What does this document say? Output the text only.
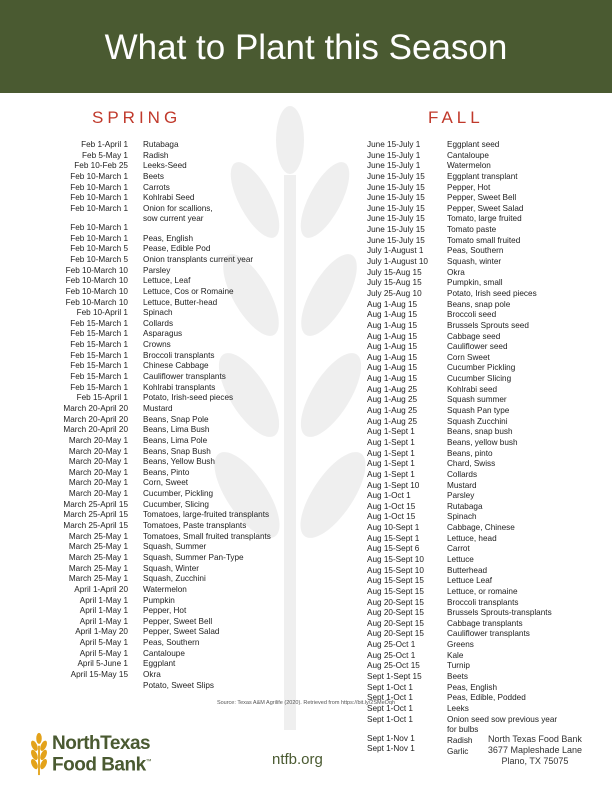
What to Plant this Season
SPRING	FALL
Feb 1-April 1
Feb 5-May 1
Feb 10-Feb 25
Feb 10-March 1
Feb 10-March 1
Feb 10-March 1
Feb 10-March 1
Feb 10-March 1
Feb 10-March 1
Feb 10-March 5
Feb 10-March 5
Feb 10-March 10
Feb 10-March 10
Feb 10-March 10
Feb 10-March 10
Feb 10-April 1
Feb 15-March 1
Feb 15-March 1
Feb 15-March 1
Feb 15-March 1
Feb 15-March 1
Feb 15-March 1
Feb 15-March 1
Feb 15-April 1
March 20-April 20
March 20-April 20
March 20-April 20
March 20-May 1
March 20-May 1
March 20-May 1
March 20-May 1
March 20-May 1
March 20-May 1
March 25-April 15
March 25-April 15
March 25-April 15
March 25-May 1
March 25-May 1
March 25-May 1
March 25-May 1
March 25-May 1
April 1-April 20
April 1-May 1
April 1-May 1
April 1-May 1
April 1-May 20
April 5-May 1
April 5-May 1
April 5-June 1
April 15-May 15
Rutabaga
Radish
Leeks-Seed
Beets
Carrots
Kohlrabi Seed
Onion for scallions,
sow current year
Peas, English
Pease, Edible Pod
Onion transplants current year
Parsley
Lettuce, Leaf
Lettuce, Cos or Romaine
Lettuce, Butter-head
Spinach
Collards
Asparagus
Crowns
Broccoli transplants
Chinese Cabbage
Cauliflower transplants
Kohlrabi transplants
Potato, Irish-seed pieces
Mustard
Beans, Snap Pole
Beans, Lima Bush
Beans, Lima Pole
Beans, Snap Bush
Beans, Yellow Bush
Beans, Pinto
Corn, Sweet
Cucumber, Pickling
Cucumber, Slicing
Tomatoes, large-fruited transplants
Tomatoes, Paste transplants
Tomatoes, Small fruited transplants
Squash, Summer
Squash, Summer Pan-Type
Squash, Winter
Squash, Zucchini
Watermelon
Pumpkin
Pepper, Hot
Pepper, Sweet Bell
Pepper, Sweet Salad
Peas, Southern
Cantaloupe
Eggplant
Okra
Potato, Sweet Slips
June 15-July 1
June 15-July 1
June 15-July 1
June 15-July 15
June 15-July 15
June 15-July 15
June 15-July 15
June 15-July 15
June 15-July 15
June 15-July 15
July 1-August 1
July 1-August 10
July 15-Aug 15
July 15-Aug 15
July 25-Aug 10
Aug 1-Aug 15
Aug 1-Aug 15
Aug 1-Aug 15
Aug 1-Aug 15
Aug 1-Aug 15
Aug 1-Aug 15
Aug 1-Aug 15
Aug 1-Aug 15
Aug 1-Aug 25
Aug 1-Aug 25
Aug 1-Aug 25
Aug 1-Aug 25
Aug 1-Sept 1
Aug 1-Sept 1
Aug 1-Sept 1
Aug 1-Sept 1
Aug 1-Sept 1
Aug 1-Sept 10
Aug 1-Oct 1
Aug 1-Oct 15
Aug 1-Oct 15
Aug 10-Sept 1
Aug 15-Sept 1
Aug 15-Sept 6
Aug 15-Sept 10
Aug 15-Sept 10
Aug 15-Sept 15
Aug 15-Sept 15
Aug 20-Sept 15
Aug 20-Sept 15
Aug 20-Sept 15
Aug 20-Sept 15
Aug 25-Oct 1
Aug 25-Oct 1
Aug 25-Oct 15
Sept 1-Sept 15
Sept 1-Oct 1
Sept 1-Oct 1
Sept 1-Oct 1
Sept 1-Oct 1
Sept 1-Nov 1
Sept 1-Nov 1
Eggplant seed
Cantaloupe
Watermelon
Eggplant transplant
Pepper, Hot
Pepper, Sweet Bell
Pepper, Sweet Salad
Tomato, large fruited
Tomato paste
Tomato small fruited
Peas, Southern
Squash, winter
Okra
Pumpkin, small
Potato, Irish seed pieces
Beans, snap pole
Broccoli seed
Brussels Sprouts seed
Cabbage seed
Cauliflower seed
Corn Sweet
Cucumber Pickling
Cucumber Slicing
Kohlrabi seed
Squash summer
Squash Pan type
Squash Zucchini
Beans, snap bush
Beans, yellow bush
Beans, pinto
Chard, Swiss
Collards
Mustard
Parsley
Rutabaga
Spinach
Cabbage, Chinese
Lettuce, head
Carrot
Lettuce
Butterhead
Lettuce Leaf
Lettuce, or romaine
Broccoli transplants
Brussels Sprouts-transplants
Cabbage transplants
Cauliflower transplants
Greens
Kale
Turnip
Beets
Peas, English
Peas, Edible, Podded
Leeks
Onion seed sow previous year
for bulbs
Radish
Garlic
Source: Texas A&M Agrilife (2020). Retrieved from https://bit.ly/2SMeOqh
NorthTexas
Food Bank™	ntfb.org
North Texas Food Bank
3677 Mapleshade Lane
Plano, TX 75075
